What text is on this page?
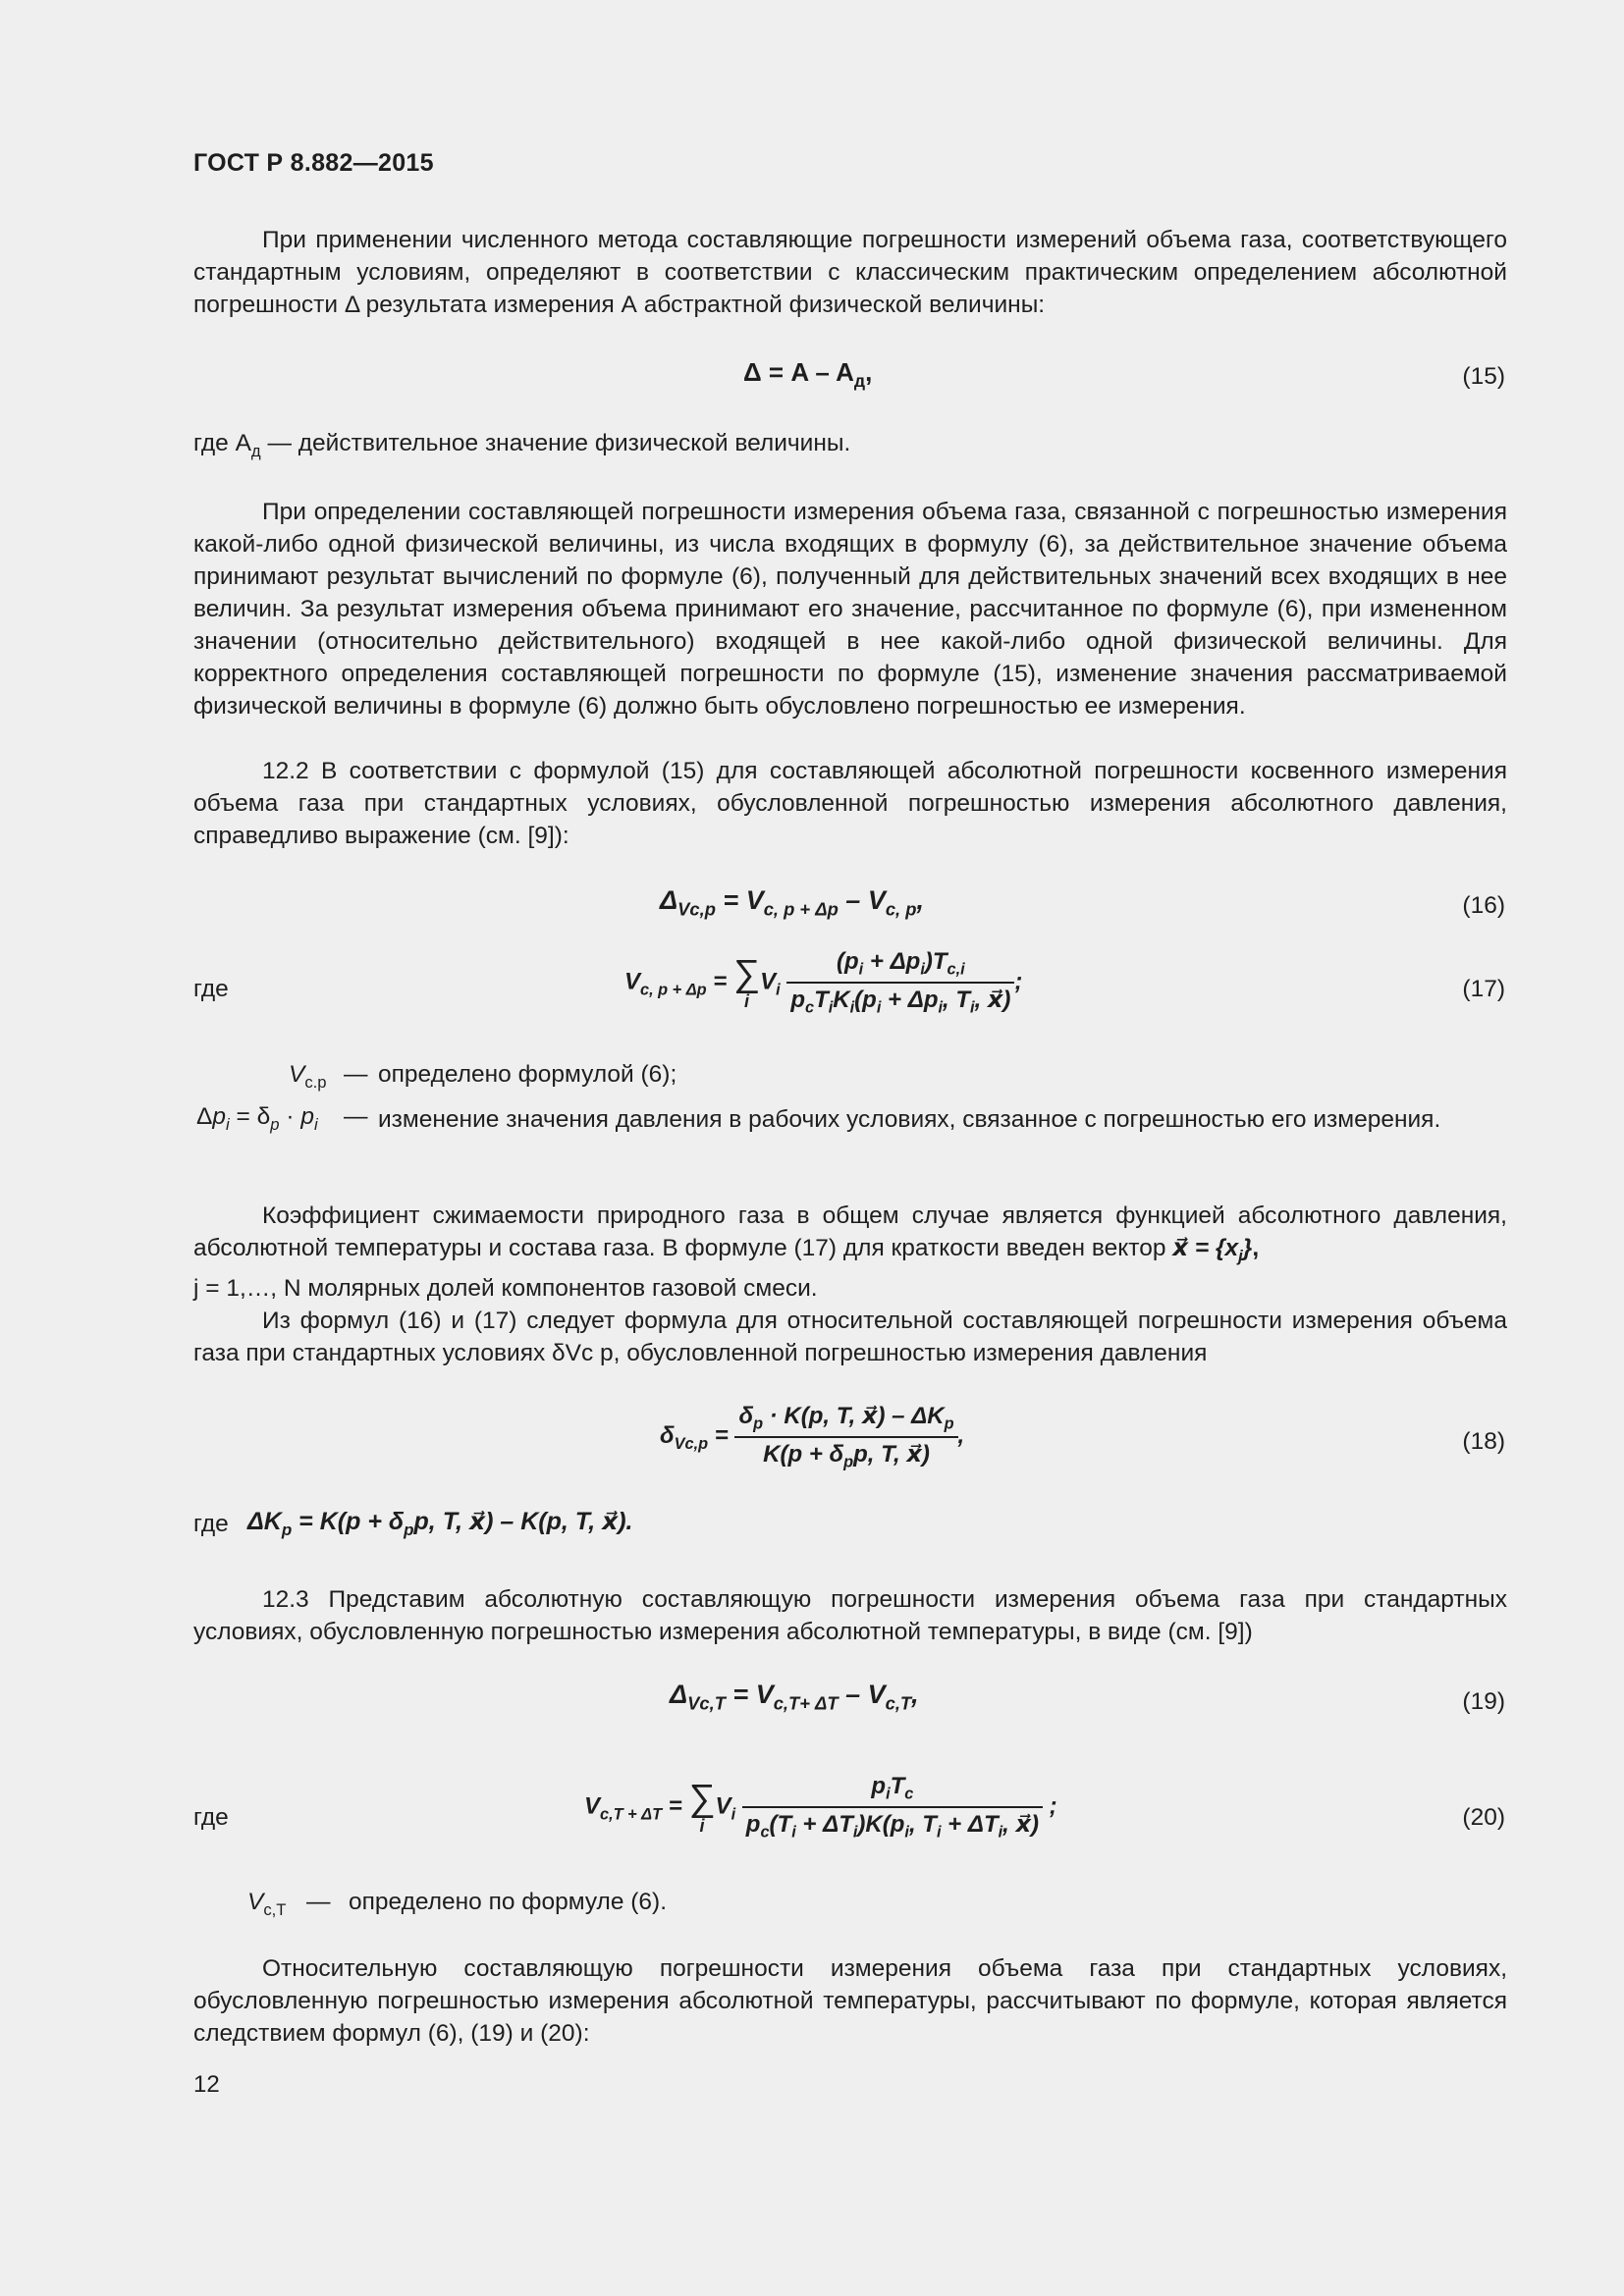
ГОСТ Р 8.882—2015
При применении численного метода составляющие погрешности измерений объема газа, соответствующего стандартным условиям, определяют в соответствии с классическим практическим определением абсолютной погрешности Δ результата измерения А абстрактной физической величины:
$\Delta = A - A_д$,	(15)
где $A_д$ — действительное значение физической величины.
При определении составляющей погрешности измерения объема газа, связанной с погрешностью измерения какой-либо одной физической величины, из числа входящих в формулу (6), за действительное значение объема принимают результат вычислений по формуле (6), полученный для действительных значений всех входящих в нее величин. За результат измерения объема принимают его значение, рассчитанное по формуле (6), при измененном значении (относительно действительного) входящей в нее какой-либо одной физической величины. Для корректного определения составляющей погрешности по формуле (15), изменение значения рассматриваемой физической величины в формуле (6) должно быть обусловлено погрешностью ее измерения.
12.2 В соответствии с формулой (15) для составляющей абсолютной погрешности косвенного измерения объема газа при стандартных условиях, обусловленной погрешностью измерения абсолютного давления, справедливо выражение (см. [9]):
$\Delta_{Vс,p} = V_{с, p + \Delta p} - V_{с, p}$,	(16)
где	$V_{с, p + \Delta p}$ = ∑
i
$V_i \frac{(p_i + \Delta p_i)T_{с,i}}{p_сT_iK_i(p_i + \Delta p_i, T_i, x⃗)}$ ;	(17)
$V_{с.p}$ — определено формулой (6);
$\Delta p_i = \delta_p \cdot p_i$ — изменение значения давления в рабочих условиях, связанное с погрешностью его измерения.
Коэффициент сжимаемости природного газа в общем случае является функцией абсолютного давления, абсолютной температуры и состава газа. В формуле (17) для краткости введен вектор x⃗ = $\{x_j\}$,
j = 1,…, N молярных долей компонентов газовой смеси.
Из формул (16) и (17) следует формула для относительной составляющей погрешности измерения объема газа при стандартных условиях δVс p, обусловленной погрешностью измерения давления
$\delta_{Vс,p} = \frac{\delta_p \cdot K(p, T, x⃗) - \Delta K_p}{K(p + \delta_pp, T, x⃗)}$ ,	(18)
где $\Delta K_p = K(p + \delta_pp$, T, x⃗) – K(p, T, x⃗).
12.3 Представим абсолютную составляющую погрешности измерения объема газа при стандартных условиях, обусловленную погрешностью измерения абсолютной температуры, в виде (см. [9])
$\Delta_{Vс,T} = V_{с,T+ \Delta T} - V_{с,T}$,	(19)
где	$V_{с,T + \Delta T}$ = ∑
i
$V_i \frac{p_iT_с}{p_с(T_i + \Delta T_i)K(p_i, T_i + \Delta T_i, x⃗)}$ ;	(20)
$V_{с,T}$ — определено по формуле (6).
Относительную составляющую погрешности измерения объема газа при стандартных условиях, обусловленную погрешностью измерения абсолютной температуры, рассчитывают по формуле, которая является следствием формул (6), (19) и (20):
12
